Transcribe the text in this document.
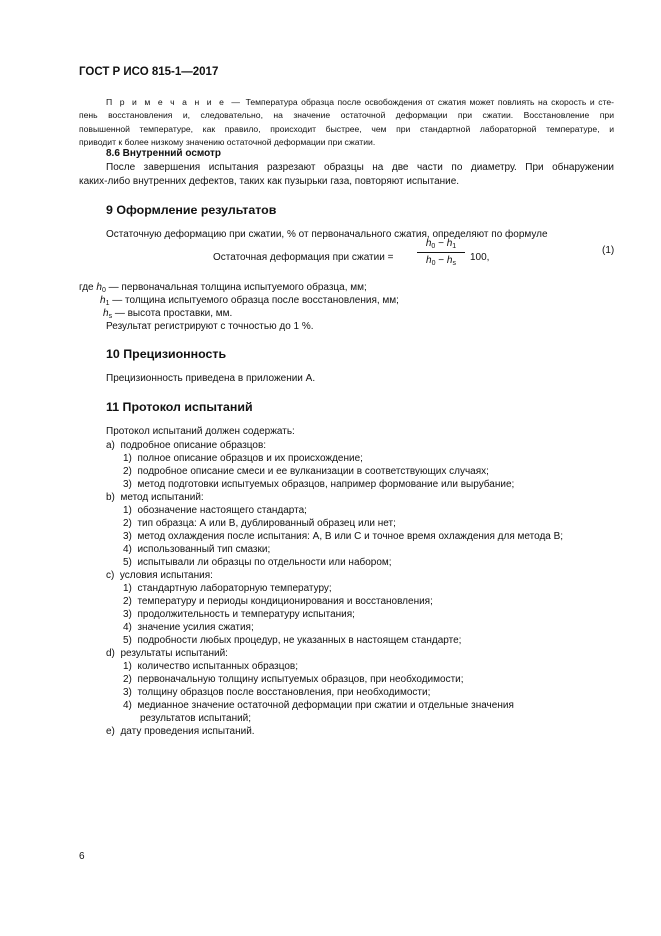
ГОСТ Р ИСО 815-1—2017

П р и м е ч а н и е — Температура образца после освобождения от сжатия может повлиять на скорость и сте-

пень восстановления и, следовательно, на значение остаточной деформации при сжатии. Восстановление при

повышенной температуре, как правило, происходит быстрее, чем при стандартной лабораторной температуре, и

приводит к более низкому значению остаточной деформации при сжатии.

8.6 Внутренний осмотр

После завершения испытания разрезают образцы на две части по диаметру. При обнаружении

каких-либо внутренних дефектов, таких как пузырьки газа, повторяют испытание.

9 Оформление результатов
Остаточную деформацию при сжатии, % от первоначального сжатия, определяют по формуле
Остаточная деформация при сжатии =
$h_0 - h_1$
$h_0 - h_s$
100,
(1)
где $h_0$ — первоначальная толщина испытуемого образца, мм;
$h_1$ — толщина испытуемого образца после восстановления, мм;
$h_s$ — высота проставки, мм.
Результат регистрируют с точностью до 1 %.
10 Прецизионность
Прецизионность приведена в приложении А.
11 Протокол испытаний
Протокол испытаний должен содержать:
а) подробное описание образцов:
1) полное описание образцов и их происхождение;
2) подробное описание смеси и ее вулканизации в соответствующих случаях;
3) метод подготовки испытуемых образцов, например формование или вырубание;
b) метод испытаний:
1) обозначение настоящего стандарта;
2) тип образца: А или В, дублированный образец или нет;
3) метод охлаждения после испытания: А, В или С и точное время охлаждения для метода В;
4) использованный тип смазки;
5) испытывали ли образцы по отдельности или набором;
c) условия испытания:
1) стандартную лабораторную температуру;
2) температуру и периоды кондиционирования и восстановления;
3) продолжительность и температуру испытания;
4) значение усилия сжатия;
5) подробности любых процедур, не указанных в настоящем стандарте;
d) результаты испытаний:
1) количество испытанных образцов;
2) первоначальную толщину испытуемых образцов, при необходимости;
3) толщину образцов после восстановления, при необходимости;
4) медианное значение остаточной деформации при сжатии и отдельные значения
результатов испытаний;
е) дату проведения испытаний.
6
